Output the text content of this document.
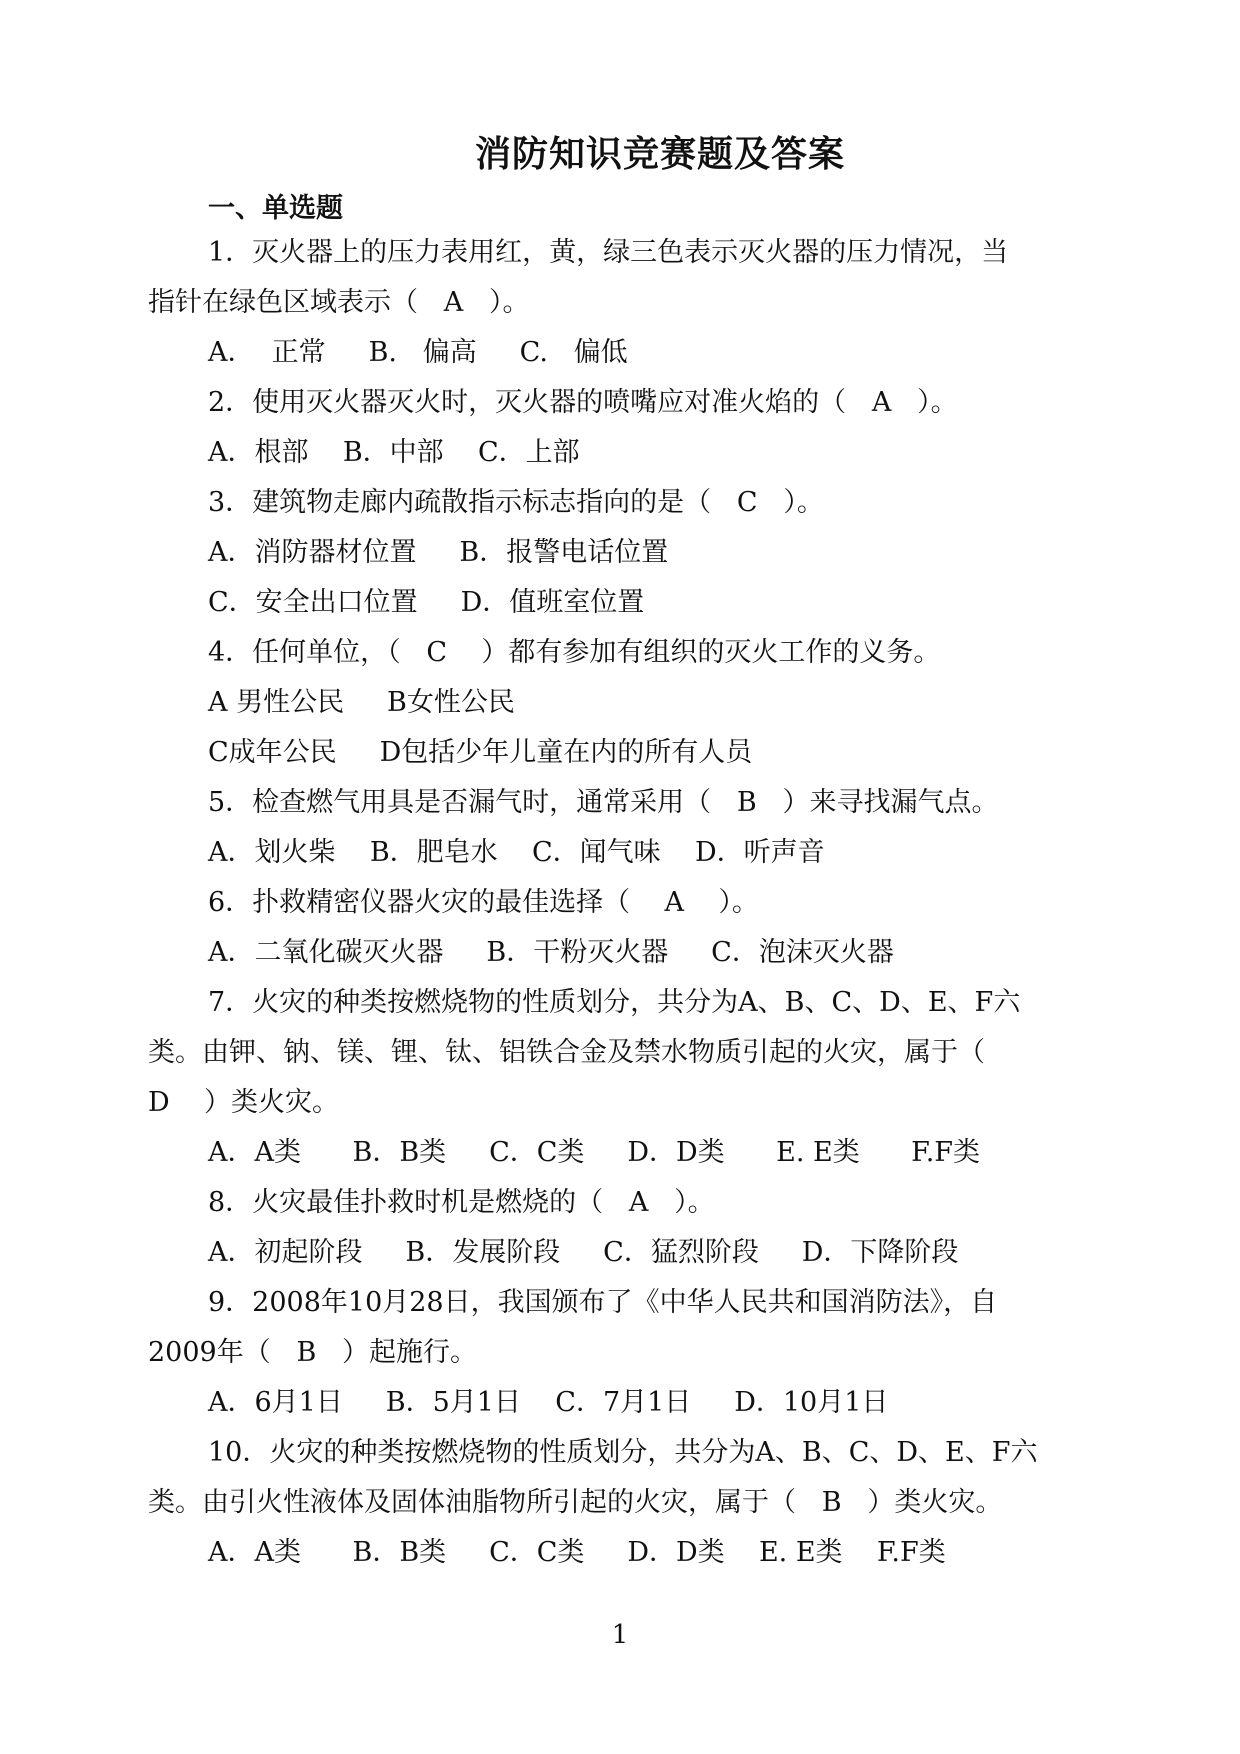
消防知识竞赛题及答案
一、单选题
1．灭火器上的压力表用红，黄，绿三色表示灭火器的压力情况，当
指针在绿色区域表示（   A   ）。
A．  正常     B.   偏高     C.   偏低
2．使用灭火器灭火时，灭火器的喷嘴应对准火焰的（   A   ）。
A．根部    B．中部    C．上部
3．建筑物走廊内疏散指示标志指向的是（   C   ）。
A．消防器材位置     B．报警电话位置
C．安全出口位置     D．值班室位置
4．任何单位，（   C    ）都有参加有组织的灭火工作的义务。
A 男性公民     B女性公民
C成年公民     D包括少年儿童在内的所有人员
5．检查燃气用具是否漏气时，通常采用（   B   ）来寻找漏气点。
A．划火柴    B．肥皂水    C．闻气味    D．听声音
6．扑救精密仪器火灾的最佳选择（    A    ）。
A．二氧化碳灭火器     B．干粉灭火器     C．泡沫灭火器
7．火灾的种类按燃烧物的性质划分，共分为A、B、C、D、E、F六
类。由钾、钠、镁、锂、钛、铝铁合金及禁水物质引起的火灾，属于（
D    ）类火灾。
A．A类      B．B类     C．C类     D．D类      E. E类      F.F类
8．火灾最佳扑救时机是燃烧的（   A   ）。
A．初起阶段     B．发展阶段     C．猛烈阶段     D．下降阶段
9．2008年10月28日，我国颁布了《中华人民共和国消防法》，自
2009年（   B   ）起施行。
A．6月1日     B．5月1日    C．7月1日     D．10月1日
10．火灾的种类按燃烧物的性质划分，共分为A、B、C、D、E、F六
类。由引火性液体及固体油脂物所引起的火灾，属于（   B   ）类火灾。
A．A类      B．B类     C．C类     D．D类    E. E类    F.F类
1
